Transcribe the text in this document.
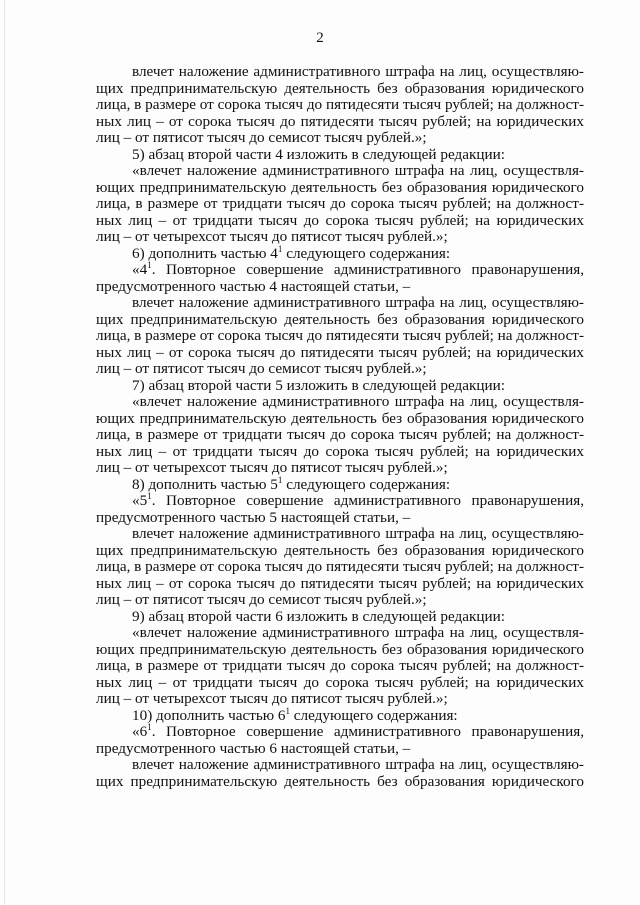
2
влечет наложение административного штрафа на лиц, осуществляю-
щих предпринимательскую деятельность без образования юридического
лица, в размере от сорока тысяч до пятидесяти тысяч рублей; на должност-
ных лиц – от сорока тысяч до пятидесяти тысяч рублей; на юридических
лиц – от пятисот тысяч до семисот тысяч рублей.»;
5) абзац второй части 4 изложить в следующей редакции:
«влечет наложение административного штрафа на лиц, осуществля-
ющих предпринимательскую деятельность без образования юридического
лица, в размере от тридцати тысяч до сорока тысяч рублей; на должност-
ных лиц – от тридцати тысяч до сорока тысяч рублей; на юридических
лиц – от четырехсот тысяч до пятисот тысяч рублей.»;
6) дополнить частью $4^1$ следующего содержания:
«$4^1$. Повторное совершение административного правонарушения,
предусмотренного частью 4 настоящей статьи, –
влечет наложение административного штрафа на лиц, осуществляю-
щих предпринимательскую деятельность без образования юридического
лица, в размере от сорока тысяч до пятидесяти тысяч рублей; на должност-
ных лиц – от сорока тысяч до пятидесяти тысяч рублей; на юридических
лиц – от пятисот тысяч до семисот тысяч рублей.»;
7) абзац второй части 5 изложить в следующей редакции:
«влечет наложение административного штрафа на лиц, осуществля-
ющих предпринимательскую деятельность без образования юридического
лица, в размере от тридцати тысяч до сорока тысяч рублей; на должност-
ных лиц – от тридцати тысяч до сорока тысяч рублей; на юридических
лиц – от четырехсот тысяч до пятисот тысяч рублей.»;
8) дополнить частью $5^1$ следующего содержания:
«$5^1$. Повторное совершение административного правонарушения,
предусмотренного частью 5 настоящей статьи, –
влечет наложение административного штрафа на лиц, осуществляю-
щих предпринимательскую деятельность без образования юридического
лица, в размере от сорока тысяч до пятидесяти тысяч рублей; на должност-
ных лиц – от сорока тысяч до пятидесяти тысяч рублей; на юридических
лиц – от пятисот тысяч до семисот тысяч рублей.»;
9) абзац второй части 6 изложить в следующей редакции:
«влечет наложение административного штрафа на лиц, осуществля-
ющих предпринимательскую деятельность без образования юридического
лица, в размере от тридцати тысяч до сорока тысяч рублей; на должност-
ных лиц – от тридцати тысяч до сорока тысяч рублей; на юридических
лиц – от четырехсот тысяч до пятисот тысяч рублей.»;
10) дополнить частью $6^1$ следующего содержания:
«$6^1$. Повторное совершение административного правонарушения,
предусмотренного частью 6 настоящей статьи, –
влечет наложение административного штрафа на лиц, осуществляю-
щих предпринимательскую деятельность без образования юридического
